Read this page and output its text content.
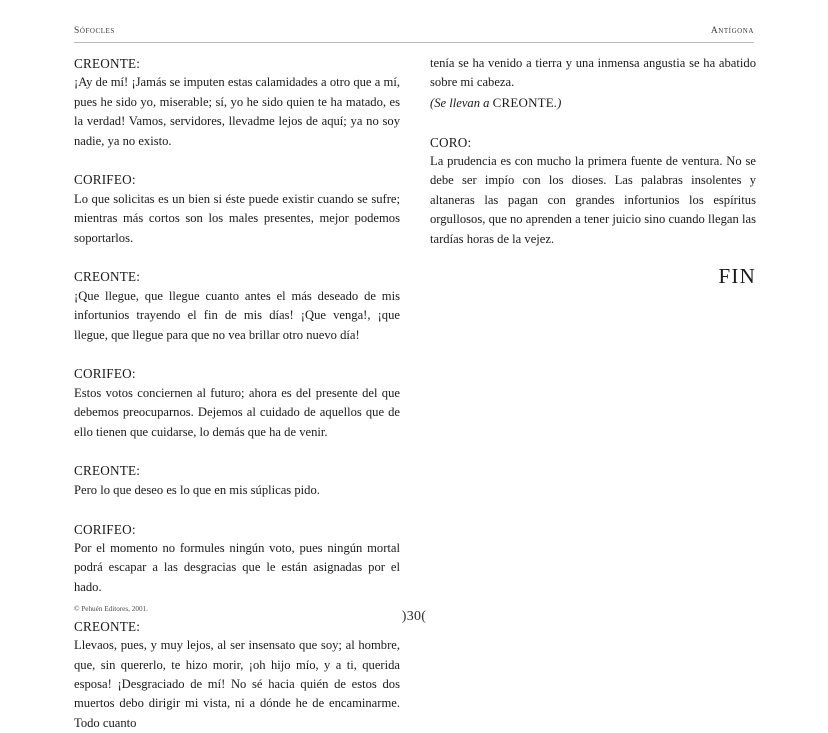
Sófocles	Antígona

CREONTE:

¡Ay de mí! ¡Jamás se imputen estas calamidades a otro que a mí, pues he sido yo, miserable; sí, yo he sido quien te ha matado, es la verdad! Vamos, servidores, llevadme lejos de aquí; ya no soy nadie, ya no existo.

CORIFEO:

Lo que solicitas es un bien si éste puede existir cuando se sufre; mientras más cortos son los males presentes, mejor podemos soportarlos.

CREONTE:

¡Que llegue, que llegue cuanto antes el más deseado de mis infortunios trayendo el fin de mis días! ¡Que venga!, ¡que llegue, que llegue para que no vea brillar otro nuevo día!

CORIFEO:

Estos votos conciernen al futuro; ahora es del presente del que debemos preocuparnos. Dejemos al cuidado de aquellos que de ello tienen que cuidarse, lo demás que ha de venir.

CREONTE:

Pero lo que deseo es lo que en mis súplicas pido.

CORIFEO:

Por el momento no formules ningún voto, pues ningún mortal podrá escapar a las desgracias que le están asignadas por el hado.

CREONTE:

Llevaos, pues, y muy lejos, al ser insensato que soy; al hombre, que, sin quererlo, te hizo morir, ¡oh hijo mío, y a ti, querida esposa! ¡Desgraciado de mí! No sé hacia quién de estos dos muertos debo dirigir mi vista, ni a dónde he de encaminarme. Todo cuanto

tenía se ha venido a tierra y una inmensa angustia se ha abatido sobre mi cabeza.

(Se llevan a CREONTE.)

CORO:

La prudencia es con mucho la primera fuente de ventura. No se debe ser impío con los dioses. Las palabras insolentes y altaneras las pagan con grandes infortunios los espíritus orgullosos, que no aprenden a tener juicio sino cuando llegan las tardías horas de la vejez.

FIN

© Pehuén Editores, 2001.	)30(
